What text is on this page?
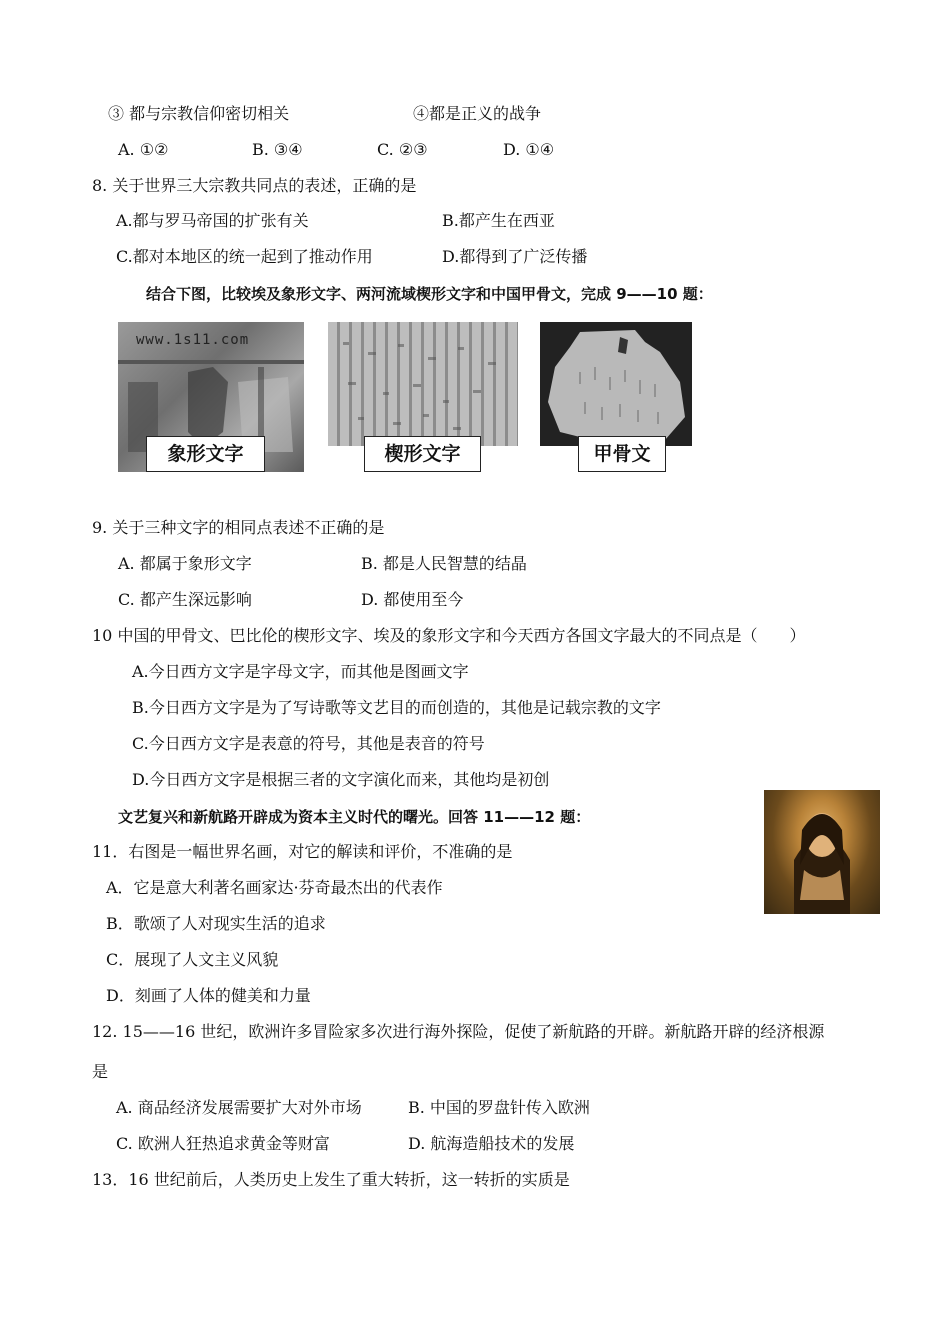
③ 都与宗教信仰密切相关	④都是正义的战争
A. ①②	B. ③④	C. ②③	D. ①④
8. 关于世界三大宗教共同点的表述，正确的是
A.都与罗马帝国的扩张有关	B.都产生在西亚
C.都对本地区的统一起到了推动作用	D.都得到了广泛传播
结合下图，比较埃及象形文字、两河流域楔形文字和中国甲骨文，完成 9——10 题：
www.1s11.com
象形文字	楔形文字	甲骨文
9. 关于三种文字的相同点表述不正确的是
A. 都属于象形文字	B. 都是人民智慧的结晶
C. 都产生深远影响	D. 都使用至今
10 中国的甲骨文、巴比伦的楔形文字、埃及的象形文字和今天西方各国文字最大的不同点是（　　）
A.今日西方文字是字母文字，而其他是图画文字
B.今日西方文字是为了写诗歌等文艺目的而创造的，其他是记载宗教的文字
C.今日西方文字是表意的符号，其他是表音的符号
D.今日西方文字是根据三者的文字演化而来，其他均是初创
文艺复兴和新航路开辟成为资本主义时代的曙光。回答 11——12 题：
11．右图是一幅世界名画，对它的解读和评价，不准确的是
A．它是意大利著名画家达·芬奇最杰出的代表作
B．歌颂了人对现实生活的追求
C．展现了人文主义风貌
D．刻画了人体的健美和力量
12. 15——16 世纪，欧洲许多冒险家多次进行海外探险，促使了新航路的开辟。新航路开辟的经济根源
是
A. 商品经济发展需要扩大对外市场	B. 中国的罗盘针传入欧洲
C. 欧洲人狂热追求黄金等财富	D. 航海造船技术的发展
13．16 世纪前后，人类历史上发生了重大转折，这一转折的实质是
